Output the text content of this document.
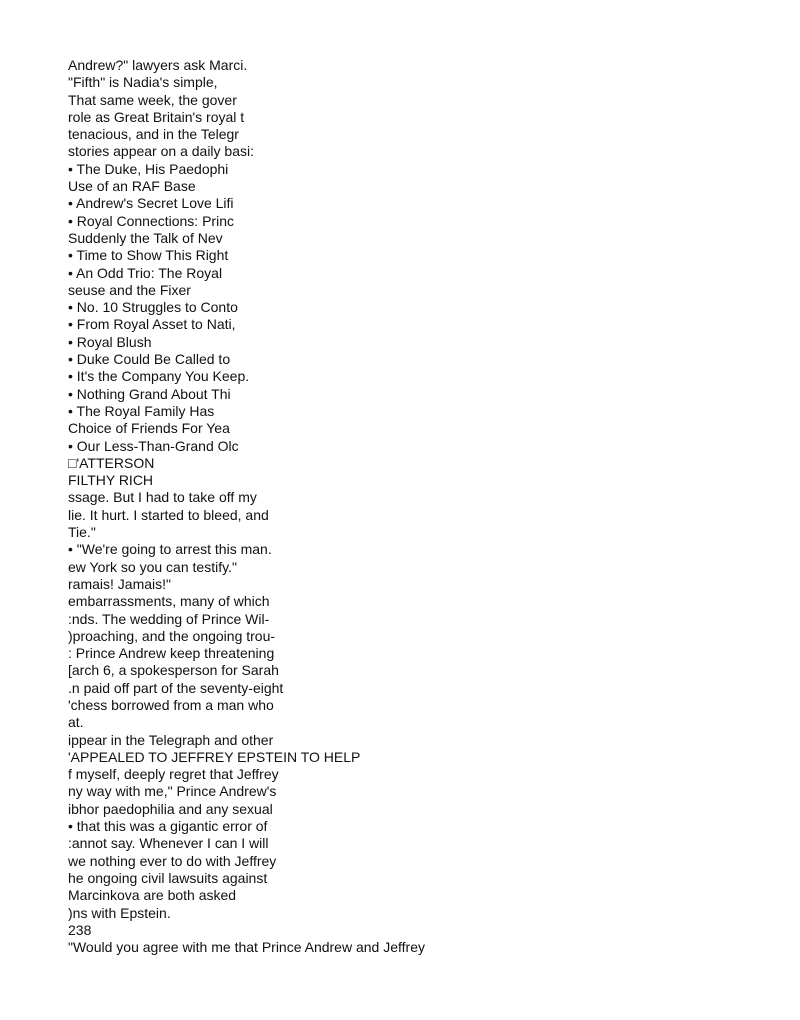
Andrew?" lawyers ask Marci.
"Fifth" is Nadia's simple,
That same week, the gover
role as Great Britain's royal t
tenacious, and in the Telegr
stories appear on a daily basi:
• The Duke, His Paedophi
Use of an RAF Base
• Andrew's Secret Love Lifi
• Royal Connections: Princ
Suddenly the Talk of Nev
• Time to Show This Right
• An Odd Trio: The Royal
seuse and the Fixer
• No. 10 Struggles to Conto
• From Royal Asset to Nati,
• Royal Blush
• Duke Could Be Called to
• It's the Company You Keep.
• Nothing Grand About Thi
• The Royal Family Has
Choice of Friends For Yea
• Our Less-Than-Grand Olc
□'ATTERSON
FILTHY RICH
ssage. But I had to take off my
lie. It hurt. I started to bleed, and
Tie."
• "We're going to arrest this man.
ew York so you can testify."
ramais! Jamais!"
embarrassments, many of which
:nds. The wedding of Prince Wil-
)proaching, and the ongoing trou-
: Prince Andrew keep threatening
[arch 6, a spokesperson for Sarah
.n paid off part of the seventy-eight
'chess borrowed from a man who
at.
ippear in the Telegraph and other
'APPEALED TO JEFFREY EPSTEIN TO HELP
f myself, deeply regret that Jeffrey
ny way with me," Prince Andrew's
ibhor paedophilia and any sexual
• that this was a gigantic error of
:annot say. Whenever I can I will
we nothing ever to do with Jeffrey
he ongoing civil lawsuits against
Marcinkova are both asked
)ns with Epstein.
238
"Would you agree with me that Prince Andrew and Jeffrey
